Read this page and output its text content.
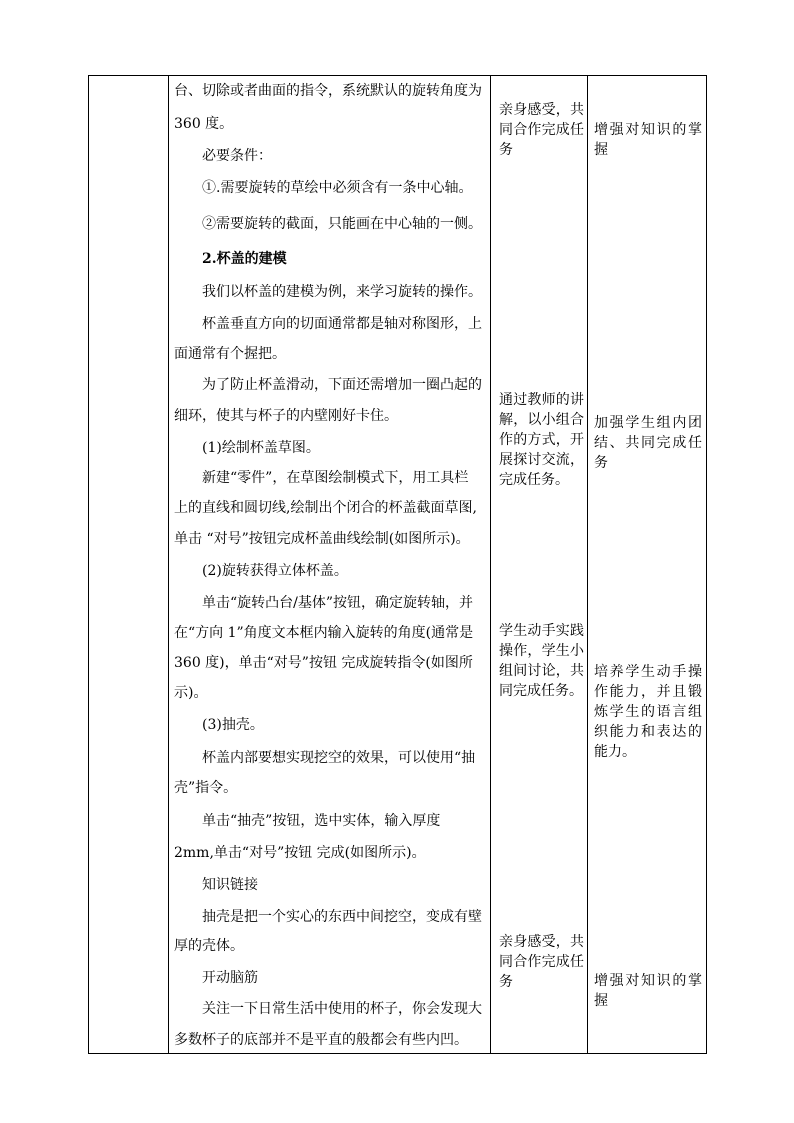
台、切除或者曲面的指令，系统默认的旋转角度为
360 度。
必要条件：
①.需要旋转的草绘中必须含有一条中心轴。
②需要旋转的截面，只能画在中心轴的一侧。
2.杯盖的建模
我们以杯盖的建模为例，来学习旋转的操作。
杯盖垂直方向的切面通常都是轴对称图形，上
面通常有个握把。
为了防止杯盖滑动，下面还需增加一圈凸起的
细环，使其与杯子的内壁刚好卡住。
(1)绘制杯盖草图。
新建“零件”，在草图绘制模式下，用工具栏
上的直线和圆切线,绘制出个闭合的杯盖截面草图,
单击 “对号”按钮完成杯盖曲线绘制(如图所示)。
(2)旋转获得立体杯盖。
单击“旋转凸台/基体”按钮，确定旋转轴，并
在“方向 1”角度文本框内输入旋转的角度(通常是
360 度)，单击“对号”按钮 完成旋转指令(如图所
示)。
(3)抽壳。
杯盖内部要想实现挖空的效果，可以使用“抽
壳”指令。
单击“抽壳”按钮，选中实体，输入厚度
2mm,单击“对号”按钮 完成(如图所示)。
知识链接
抽壳是把一个实心的东西中间挖空，变成有壁
厚的壳体。
开动脑筋
关注一下日常生活中使用的杯子，你会发现大
多数杯子的底部并不是平直的般都会有些内凹。
亲身感受，共同合作完成任务
通过教师的讲解，以小组合作的方式，开展探讨交流，完成任务。
学生动手实践操作，学生小组间讨论，共同完成任务。
亲身感受，共同合作完成任务
增强对知识的掌握
加强学生组内团结、共同完成任务
培养学生动手操作能力，并且锻炼学生的语言组织能力和表达的能力。
增强对知识的掌握
